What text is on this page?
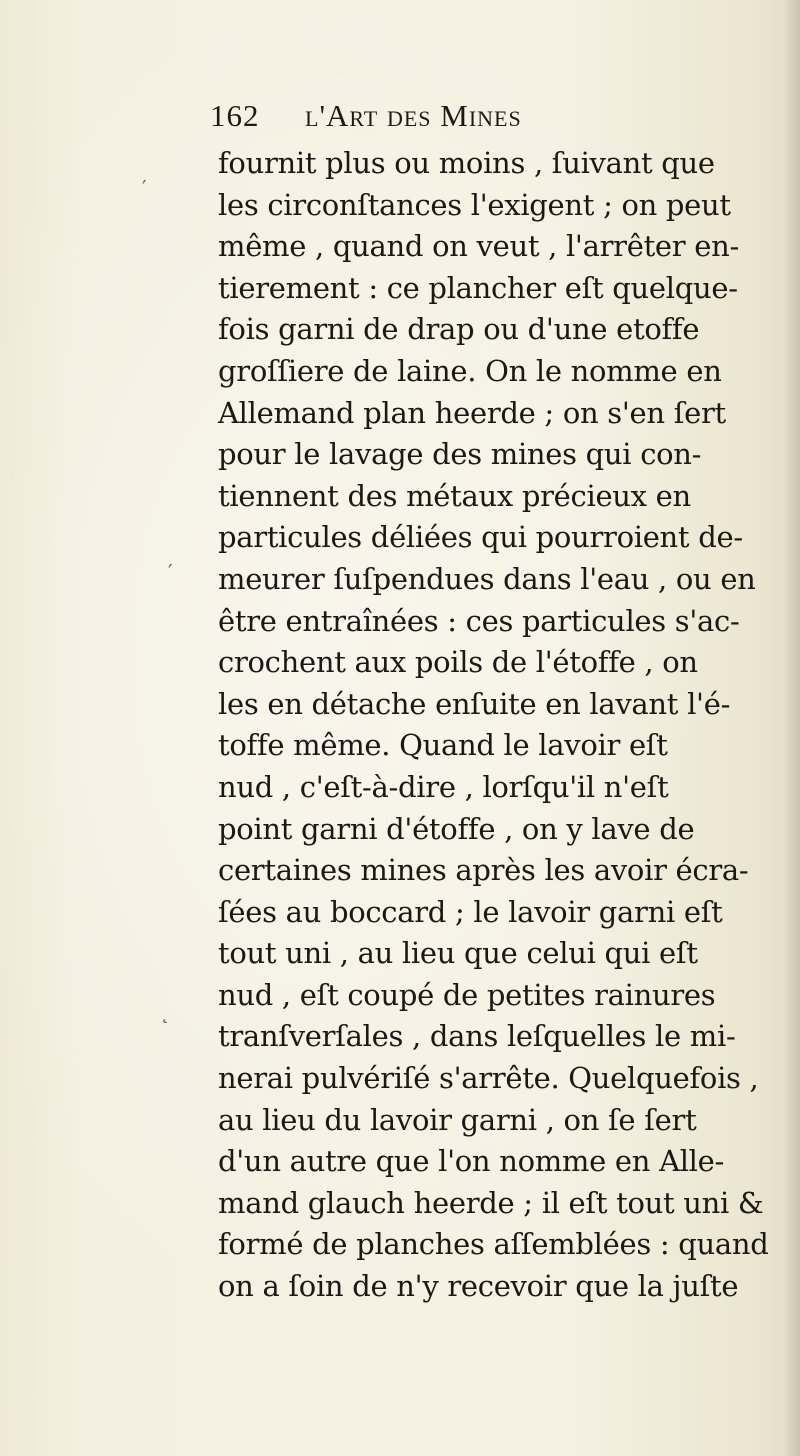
162	l'Art des Mines
′
′
˛
fournit plus ou moins , ſuivant que
les circonſtances l'exigent ; on peut
même , quand on veut , l'arrêter en-
tierement : ce plancher eſt quelque-
fois garni de drap ou d'une etoffe
groſſiere de laine. On le nomme en
Allemand plan heerde ; on s'en ſert
pour le lavage des mines qui con-
tiennent des métaux précieux en
particules déliées qui pourroient de-
meurer ſuſpendues dans l'eau , ou en
être entraînées : ces particules s'ac-
crochent aux poils de l'étoffe , on
les en détache enſuite en lavant l'é-
toffe même. Quand le lavoir eſt
nud , c'eſt-à-dire , lorſqu'il n'eſt
point garni d'étoffe , on y lave de
certaines mines après les avoir écra-
ſées au boccard ; le lavoir garni eſt
tout uni , au lieu que celui qui eſt
nud , eſt coupé de petites rainures
tranſverſales , dans leſquelles le mi-
nerai pulvériſé s'arrête. Quelquefois ,
au lieu du lavoir garni , on ſe ſert
d'un autre que l'on nomme en Alle-
mand glauch heerde ; il eſt tout uni &
formé de planches aſſemblées : quand
on a ſoin de n'y recevoir que la juſte
